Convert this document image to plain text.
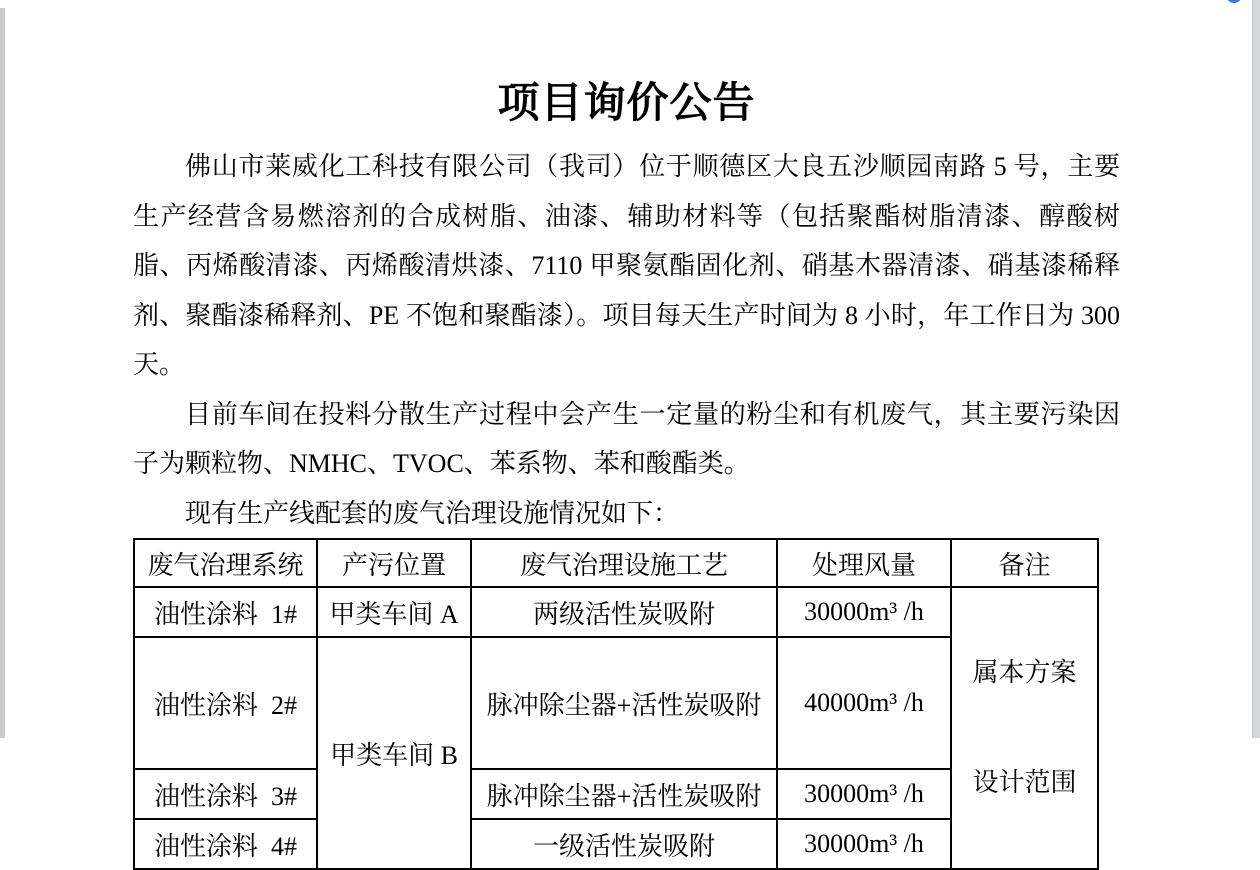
项目询价公告

佛山市莱威化工科技有限公司（我司）位于顺德区大良五沙顺园南路 5 号，主要生产经营含易燃溶剂的合成树脂、油漆、辅助材料等（包括聚酯树脂清漆、醇酸树脂、丙烯酸清漆、丙烯酸清烘漆、7110 甲聚氨酯固化剂、硝基木器清漆、硝基漆稀释剂、聚酯漆稀释剂、PE 不饱和聚酯漆）。项目每天生产时间为 8 小时，年工作日为 300 天。

目前车间在投料分散生产过程中会产生一定量的粉尘和有机废气，其主要污染因子为颗粒物、NMHC、TVOC、苯系物、苯和酸酯类。

现有生产线配套的废气治理设施情况如下：

废气治理系统	产污位置	废气治理设施工艺	处理风量	备注
油性涂料  1#	甲类车间 A	两级活性炭吸附	30000m³ /h	属本方案

设计范围

油性涂料  2#	甲类车间 B	脉冲除尘器+活性炭吸附	40000m³ /h	
油性涂料  3#		脉冲除尘器+活性炭吸附	30000m³ /h	
油性涂料  4#		一级活性炭吸附	30000m³ /h	
